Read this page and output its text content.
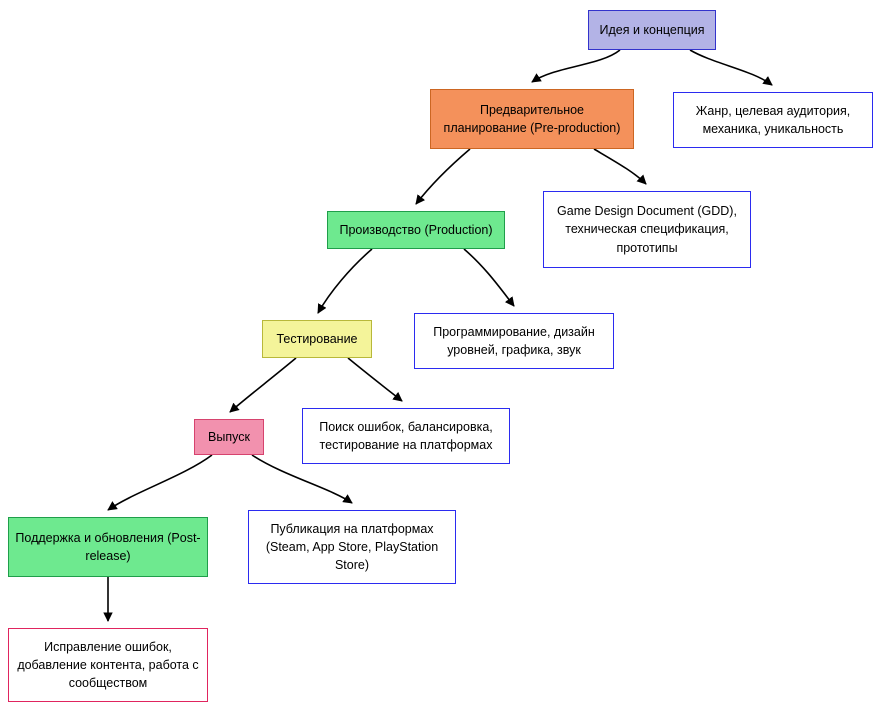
Идея и концепция
Предварительное планирование (Pre-production)
Жанр, целевая аудитория, механика, уникальность
Производство (Production)
Game Design Document (GDD), техническая спецификация, прототипы
Тестирование
Программирование, дизайн уровней, графика, звук
Выпуск
Поиск ошибок, балансировка, тестирование на платформах
Поддержка и обновления (Post-release)
Публикация на платформах (Steam, App Store, PlayStation Store)
Исправление ошибок, добавление контента, работа с сообществом
